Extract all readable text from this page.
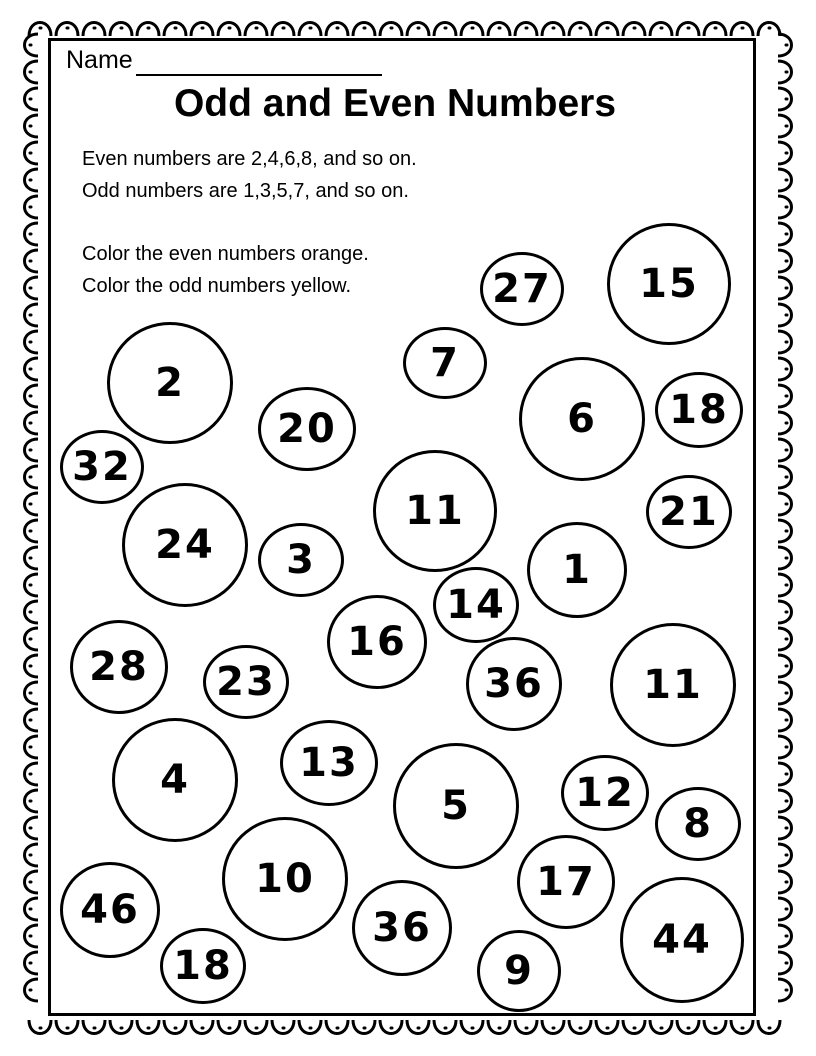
Name
Odd and Even Numbers
Even numbers are 2,4,6,8, and so on.
Odd numbers are 1,3,5,7, and so on.
Color the even numbers orange.
Color the odd numbers yellow.	27	15
2	7
20	6	18
32
11	21
24	3	1
14
16
28	23	36	11
13
4
5	12
8
10	17
46	36	44
18	9
